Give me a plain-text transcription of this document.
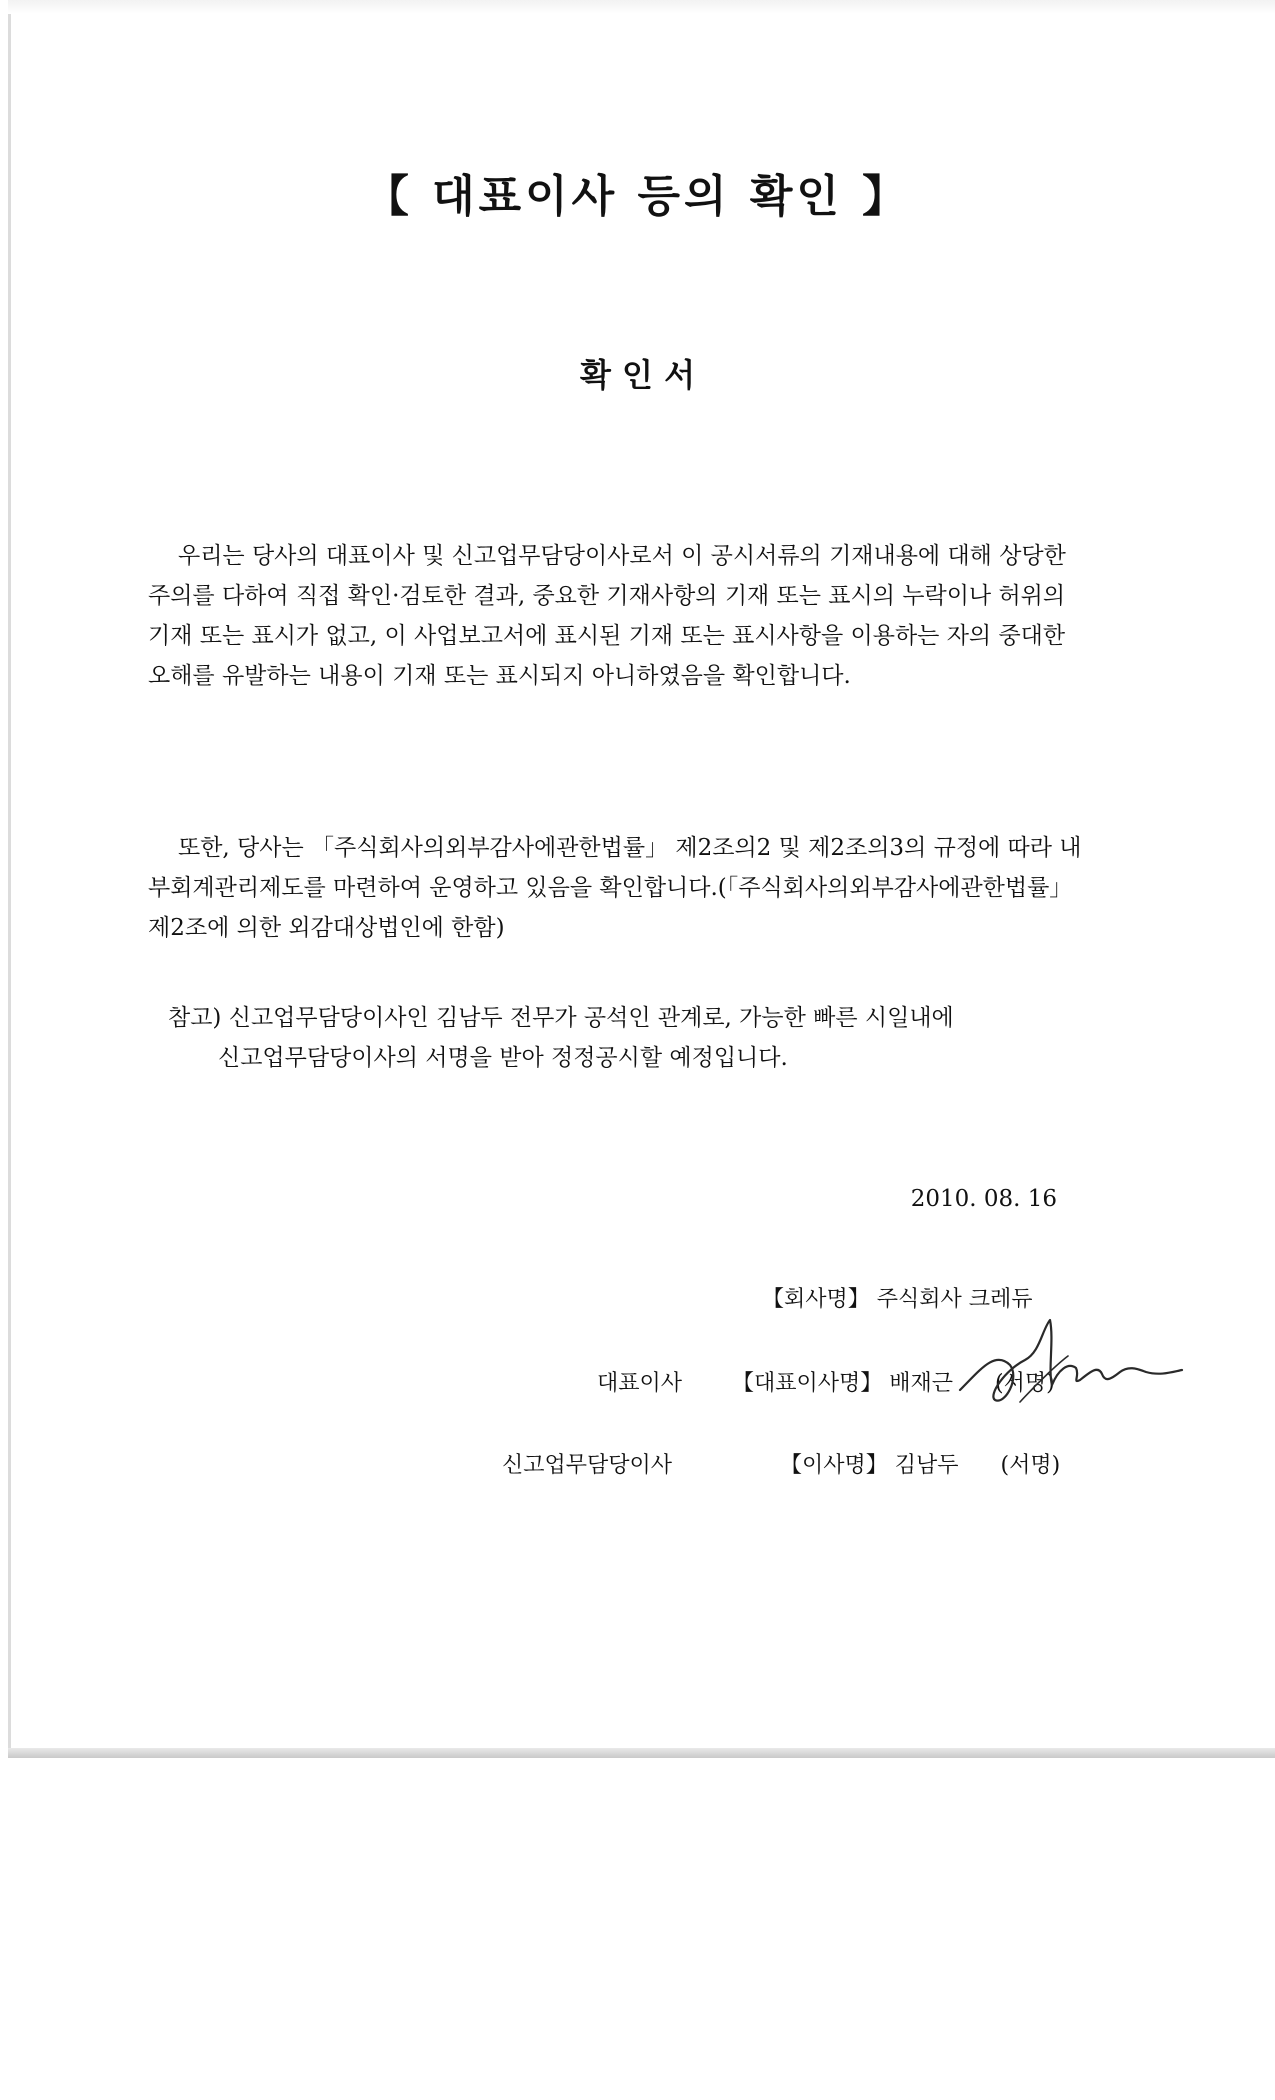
【 대표이사 등의 확인 】
확 인 서

우리는 당사의 대표이사 및 신고업무담당이사로서 이 공시서류의 기재내용에 대해 상당한 주의를 다하여 직접 확인·검토한 결과, 중요한 기재사항의 기재 또는 표시의 누락이나 허위의 기재 또는 표시가 없고, 이 사업보고서에 표시된 기재 또는 표시사항을 이용하는 자의 중대한 오해를 유발하는 내용이 기재 또는 표시되지 아니하였음을 확인합니다.

또한, 당사는 「주식회사의외부감사에관한법률」 제2조의2 및 제2조의3의 규정에 따라 내부회계관리제도를 마련하여 운영하고 있음을 확인합니다.(「주식회사의외부감사에관한법률」 제2조에 의한 외감대상법인에 한함)

참고) 신고업무담당이사인 김남두 전무가 공석인 관계로, 가능한 빠른 시일내에
신고업무담당이사의 서명을 받아 정정공시할 예정입니다.
2010. 08. 16
【회사명】 주식회사 크레듀
대표이사 【대표이사명】 배재근 (서명)
신고업무담당이사	【이사명】 김남두 (서명)
